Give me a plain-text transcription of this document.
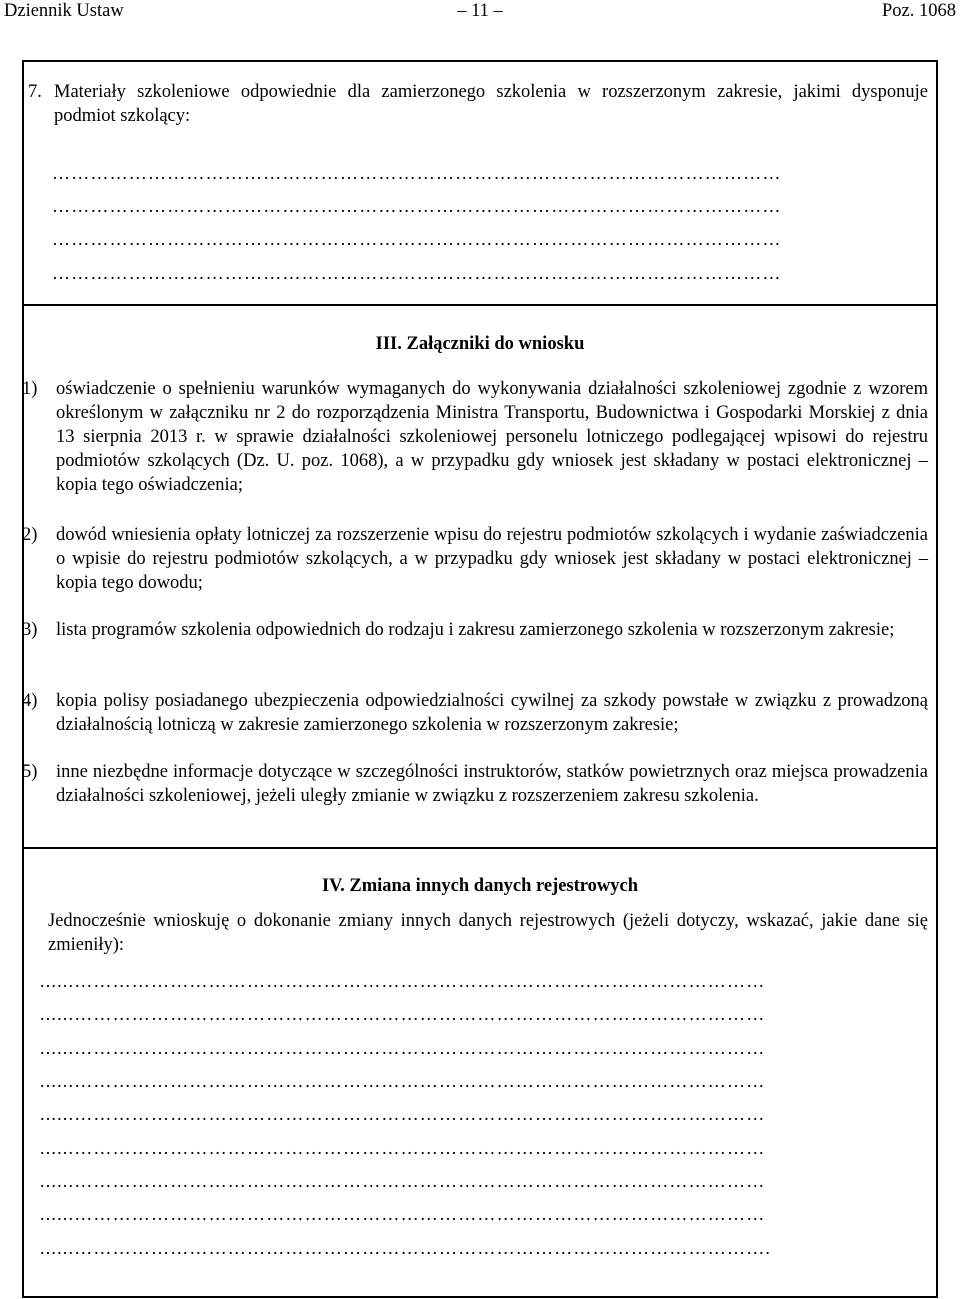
Dziennik Ustaw	– 11 –	Poz. 1068
7. Materiały szkoleniowe odpowiednie dla zamierzonego szkolenia w rozszerzonym zakresie, jakimi dysponuje podmiot szkolący:
……………………………………………………………………………………………………
……………………………………………………………………………………………………
……………………………………………………………………………………………………
……………………………………………………………………………………………………
III. Załączniki do wniosku
1) oświadczenie o spełnieniu warunków wymaganych do wykonywania działalności szkoleniowej zgodnie z wzorem określonym w załączniku nr 2 do rozporządzenia Ministra Transportu, Budownictwa i Gospodarki Morskiej z dnia 13 sierpnia 2013 r. w sprawie działalności szkoleniowej personelu lotniczego podlegającej wpisowi do rejestru podmiotów szkolących (Dz. U. poz. 1068), a w przypadku gdy wniosek jest składany w postaci elektronicznej – kopia tego oświadczenia;
2) dowód wniesienia opłaty lotniczej za rozszerzenie wpisu do rejestru podmiotów szkolących i wydanie zaświadczenia o wpisie do rejestru podmiotów szkolących, a w przypadku gdy wniosek jest składany w postaci elektronicznej – kopia tego dowodu;
3) lista programów szkolenia odpowiednich do rodzaju i zakresu zamierzonego szkolenia w rozszerzonym zakresie;
4) kopia polisy posiadanego ubezpieczenia odpowiedzialności cywilnej za szkody powstałe w związku z prowadzoną działalnością lotniczą w zakresie zamierzonego szkolenia w rozszerzonym zakresie;
5) inne niezbędne informacje dotyczące w szczególności instruktorów, statków powietrznych oraz miejsca prowadzenia działalności szkoleniowej, jeżeli uległy zmianie w związku z rozszerzeniem zakresu szkolenia.
IV. Zmiana innych danych rejestrowych
Jednocześnie wnioskuję o dokonanie zmiany innych danych rejestrowych (jeżeli dotyczy, wskazać, jakie dane się zmieniły):
......………………………………………………………………………………………………
......………………………………………………………………………………………………
......………………………………………………………………………………………………
......………………………………………………………………………………………………
......………………………………………………………………………………………………
......………………………………………………………………………………………………
......………………………………………………………………………………………………
......………………………………………………………………………………………………
......……………………………………………………………………………………………….
